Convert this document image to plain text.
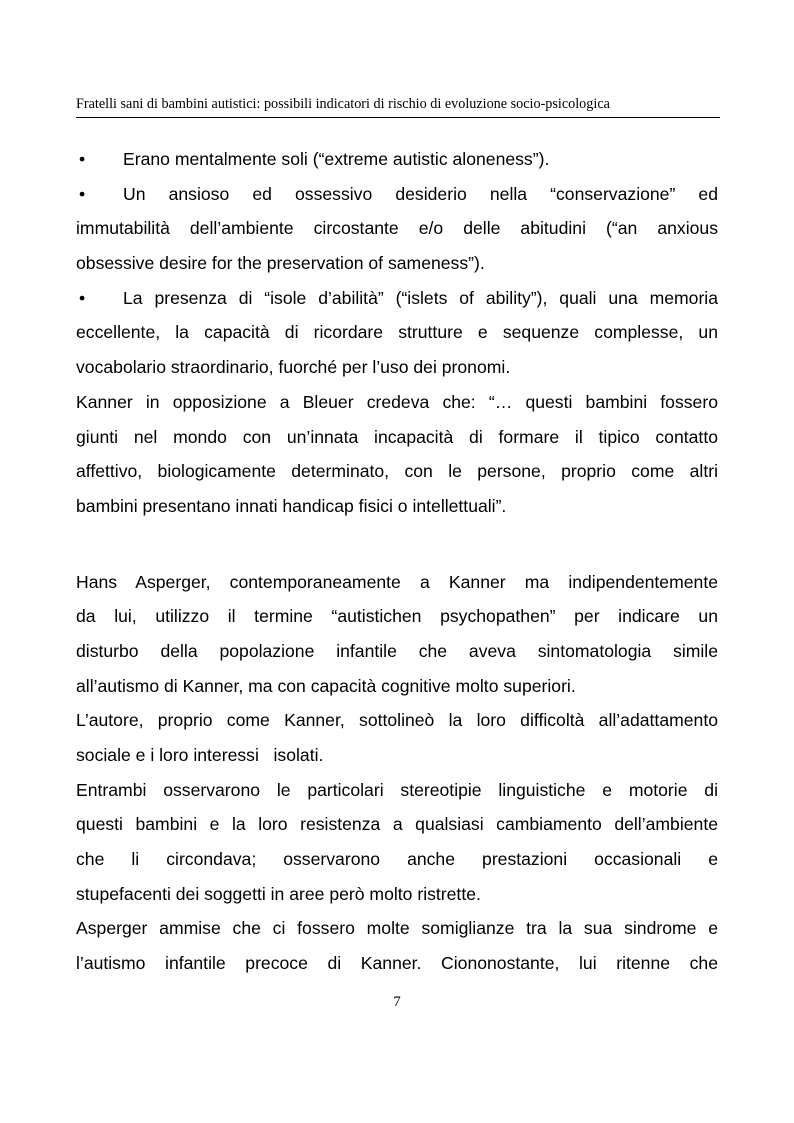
Fratelli sani di bambini autistici: possibili indicatori di rischio di evoluzione socio-psicologica
•	Erano mentalmente soli (“extreme autistic aloneness”).
•	Un ansioso ed ossessivo desiderio nella “conservazione” ed
immutabilità dell’ambiente circostante e/o delle abitudini (“an anxious
obsessive desire for the preservation of sameness”).
•	La presenza di “isole d’abilità” (“islets of ability”), quali una memoria
eccellente, la capacità di ricordare strutture e sequenze complesse, un
vocabolario straordinario, fuorché per l’uso dei pronomi.
Kanner in opposizione a Bleuer credeva che: “… questi bambini fossero
giunti nel mondo con un’innata incapacità di formare il tipico contatto
affettivo, biologicamente determinato, con le persone, proprio come altri
bambini presentano innati handicap fisici o intellettuali”.
Hans Asperger, contemporaneamente a Kanner ma indipendentemente
da lui, utilizzo il termine “autistichen psychopathen” per indicare un
disturbo della popolazione infantile che aveva sintomatologia simile
all’autismo di Kanner, ma con capacità cognitive molto superiori.
L’autore, proprio come Kanner, sottolineò la loro difficoltà all’adattamento
sociale e i loro interessi   isolati.
Entrambi osservarono le particolari stereotipie linguistiche e motorie di
questi bambini e la loro resistenza a qualsiasi cambiamento dell’ambiente
che li circondava; osservarono anche prestazioni occasionali e
stupefacenti dei soggetti in aree però molto ristrette.
Asperger ammise che ci fossero molte somiglianze tra la sua sindrome e
l’autismo infantile precoce di Kanner. Ciononostante, lui ritenne che
7
